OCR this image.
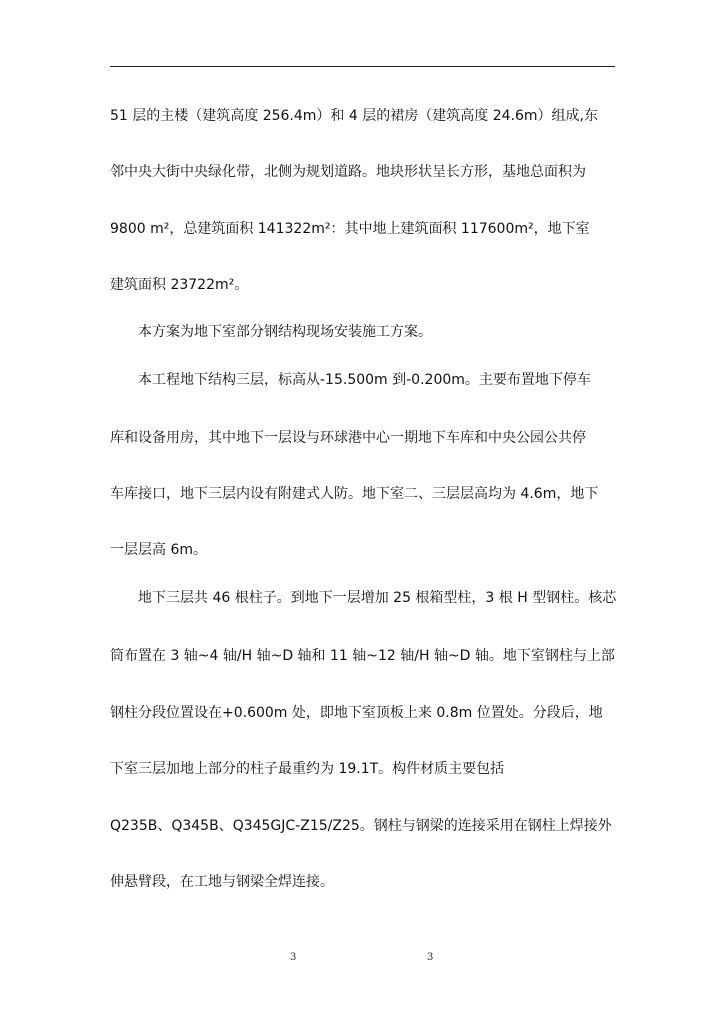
51 层的主楼（建筑高度 256.4m）和 4 层的裙房（建筑高度 24.6m）组成,东
邻中央大街中央绿化带，北侧为规划道路。地块形状呈长方形，基地总面积为
9800 m²，总建筑面积 141322m²：其中地上建筑面积 117600m²，地下室
建筑面积 23722m²。
本方案为地下室部分钢结构现场安装施工方案。
本工程地下结构三层，标高从-15.500m 到-0.200m。主要布置地下停车
库和设备用房，其中地下一层设与环球港中心一期地下车库和中央公园公共停
车库接口，地下三层内设有附建式人防。地下室二、三层层高均为 4.6m，地下
一层层高 6m。
地下三层共 46 根柱子。到地下一层增加 25 根箱型柱，3 根 H 型钢柱。核芯
筒布置在 3 轴~4 轴/H 轴~D 轴和 11 轴~12 轴/H 轴~D 轴。地下室钢柱与上部
钢柱分段位置设在+0.600m 处，即地下室顶板上来 0.8m 位置处。分段后，地
下室三层加地上部分的柱子最重约为 19.1T。构件材质主要包括
Q235B、Q345B、Q345GJC-Z15/Z25。钢柱与钢梁的连接采用在钢柱上焊接外
伸悬臂段，在工地与钢梁全焊连接。
3	3
